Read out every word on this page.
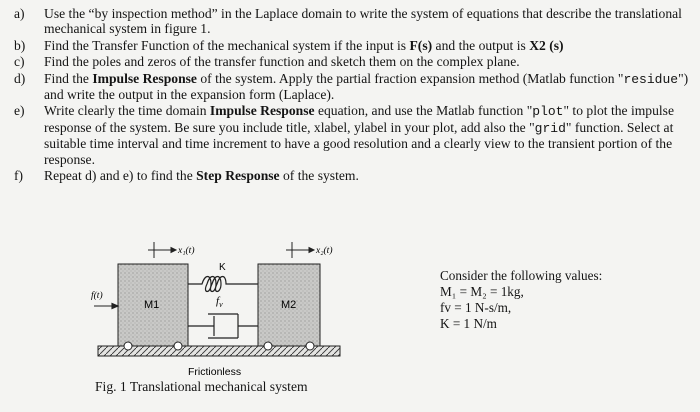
a)	Use the “by inspection method” in the Laplace domain to write the system of equations that describe the translational mechanical system in figure 1.
b)	Find the Transfer Function of the mechanical system if the input is F(s) and the output is X2 (s)
c)	Find the poles and zeros of the transfer function and sketch them on the complex plane.
d)	Find the Impulse Response of the system. Apply the partial fraction expansion method (Matlab function "residue") and write the output in the expansion form (Laplace).
e)	Write clearly the time domain Impulse Response equation, and use the Matlab function "plot" to plot the impulse response of the system. Be sure you include title, xlabel, ylabel in your plot, add also the "grid" function. Select at suitable time interval and time increment to have a good resolution and a clearly view to the transient portion of the response.
f)	Repeat d) and e) to find the Step Response of the system.
Frictionless
M1	M2
K
$f_v$
x₁(t)	x₂(t)
f(t)
Consider the following values:
M₁ = M₂ = 1kg,
fv = 1 N-s/m,
K = 1 N/m
Fig. 1 Translational mechanical system
